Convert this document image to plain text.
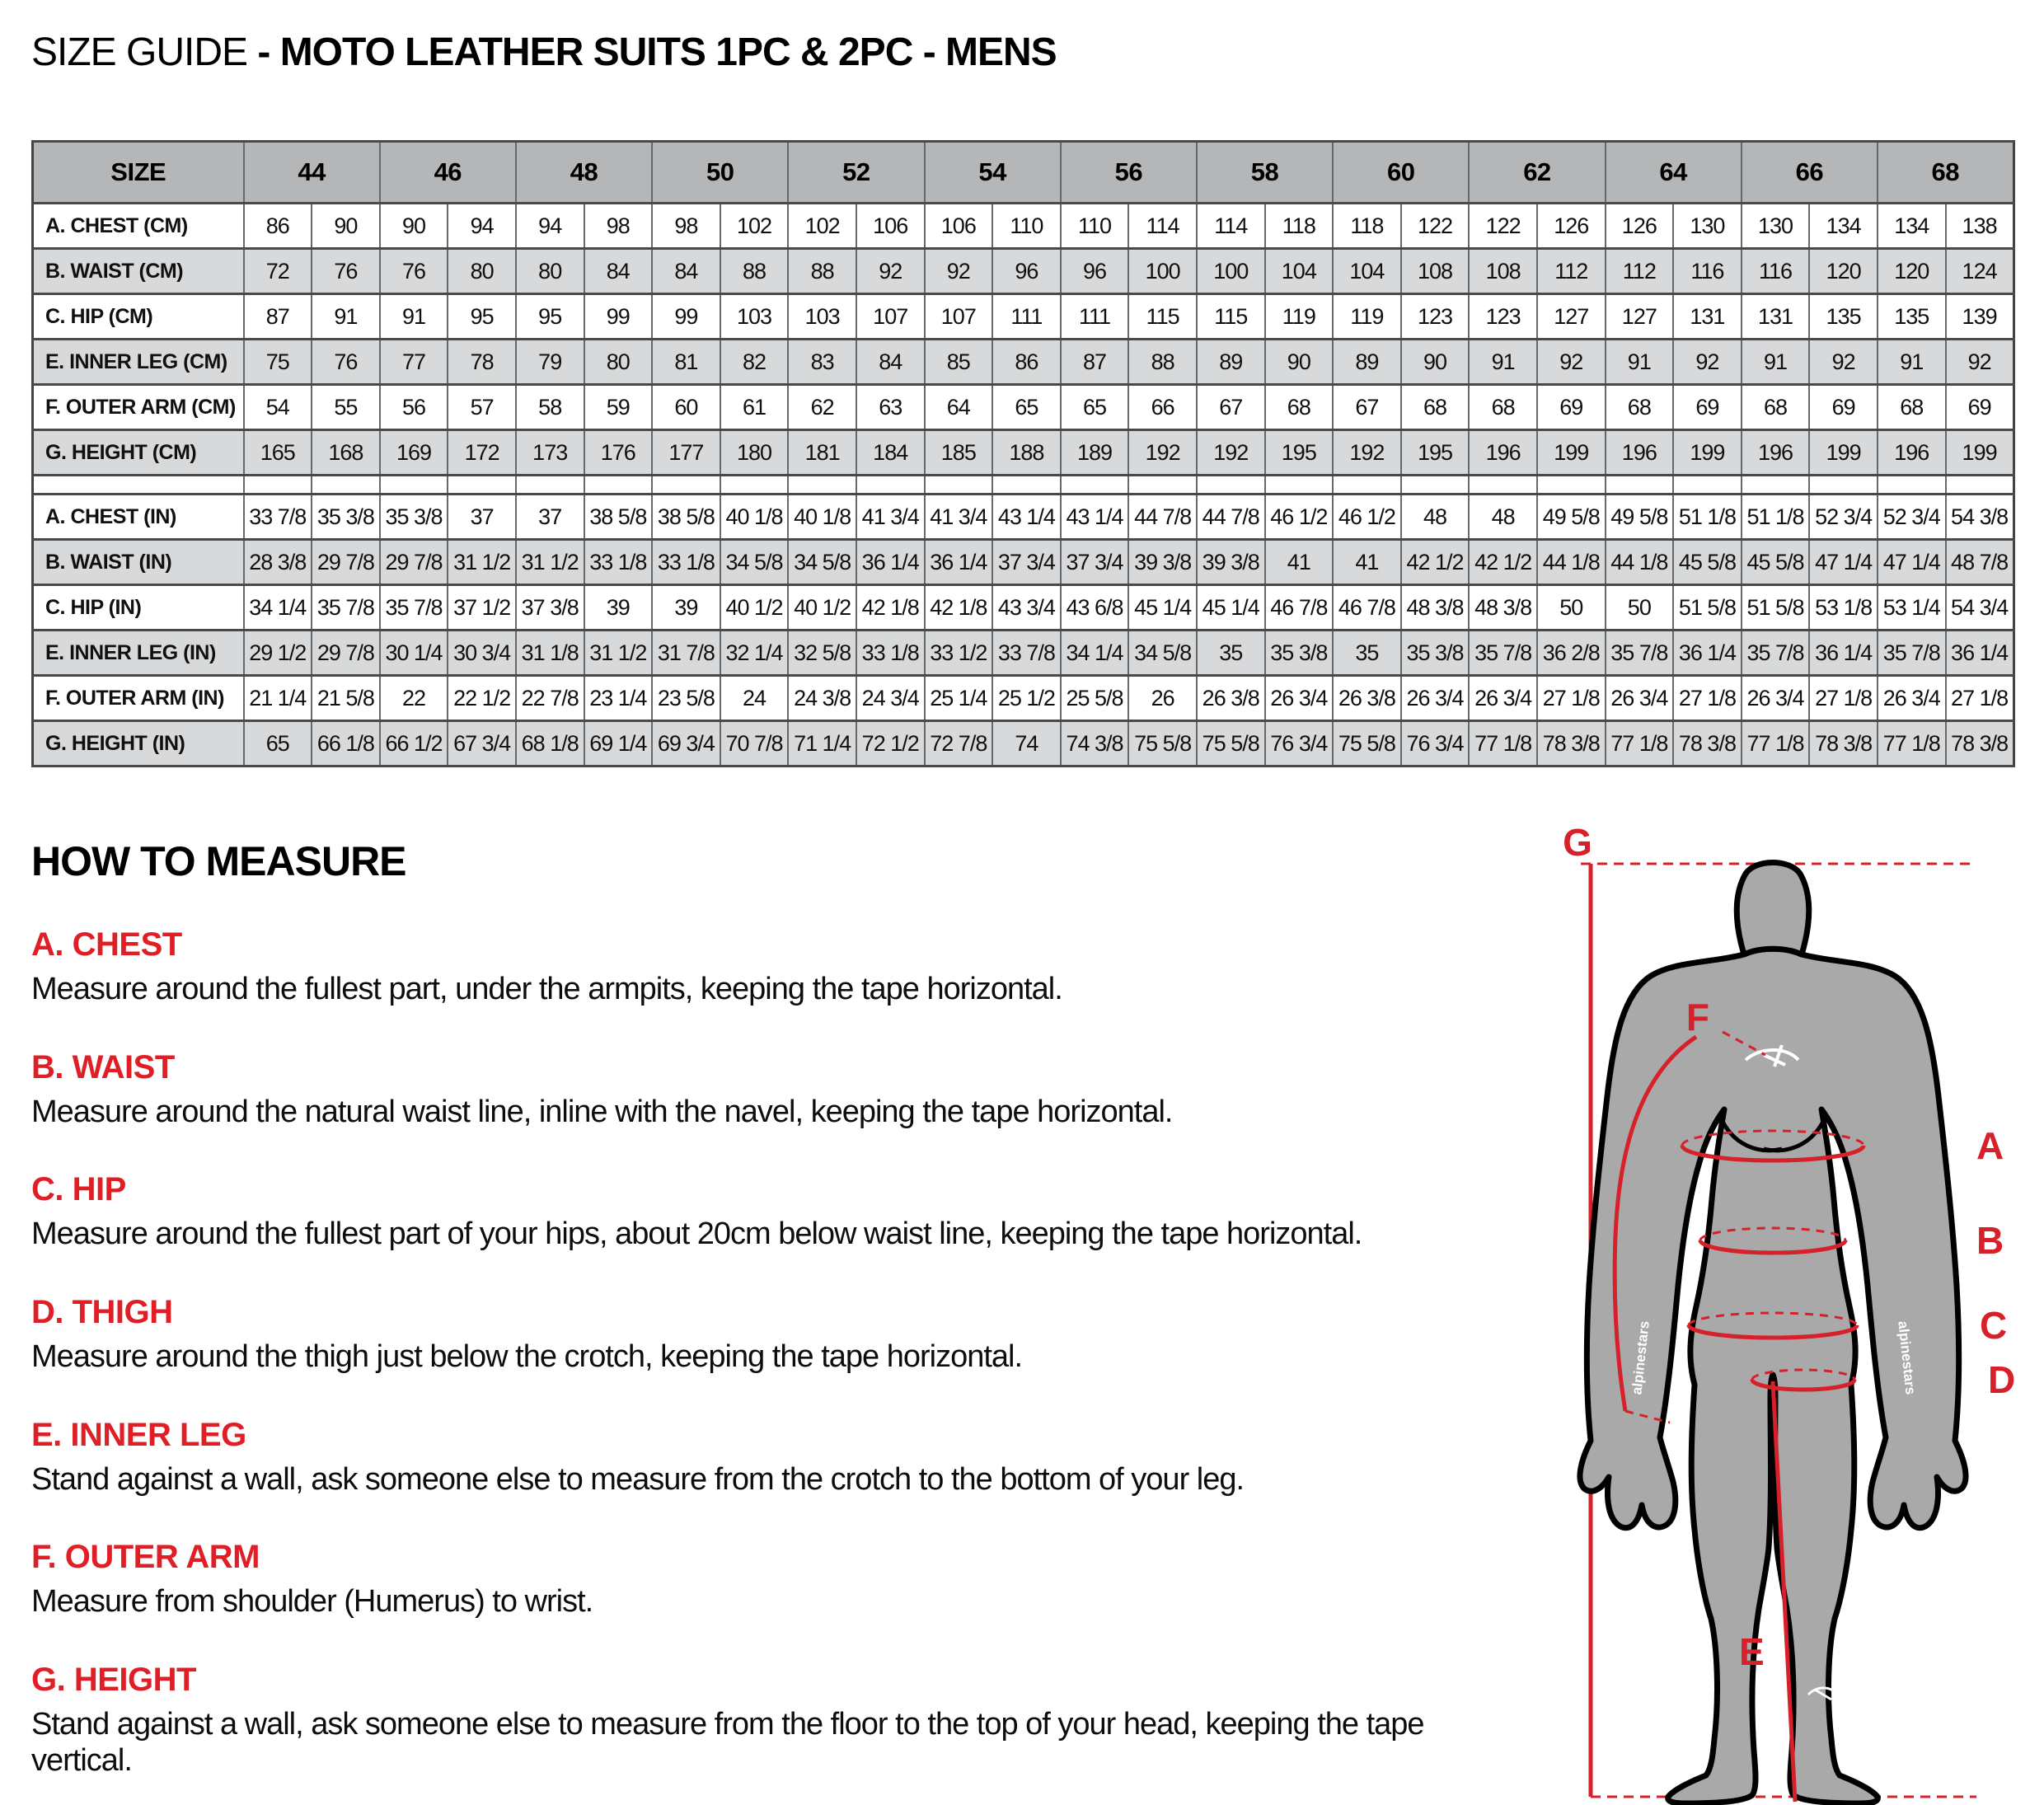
SIZE GUIDE - MOTO LEATHER SUITS 1PC & 2PC - MENS
SIZE	44		46		48		50		52		54		56		58		60		62		64		66		68	
A. CHEST (CM)	86	90	90	94	94	98	98	102	102	106	106	110	110	114	114	118	118	122	122	126	126	130	130	134	134	138
B. WAIST (CM)	72	76	76	80	80	84	84	88	88	92	92	96	96	100	100	104	104	108	108	112	112	116	116	120	120	124
C. HIP (CM)	87	91	91	95	95	99	99	103	103	107	107	111	111	115	115	119	119	123	123	127	127	131	131	135	135	139
E. INNER LEG (CM)	75	76	77	78	79	80	81	82	83	84	85	86	87	88	89	90	89	90	91	92	91	92	91	92	91	92
F. OUTER ARM (CM)	54	55	56	57	58	59	60	61	62	63	64	65	65	66	67	68	67	68	68	69	68	69	68	69	68	69
G. HEIGHT (CM)	165	168	169	172	173	176	177	180	181	184	185	188	189	192	192	195	192	195	196	199	196	199	196	199	196	199

A. CHEST (IN)	33 7/8	35 3/8	35 3/8	37	37	38 5/8	38 5/8	40 1/8	40 1/8	41 3/4	41 3/4	43 1/4	43 1/4	44 7/8	44 7/8	46 1/2	46 1/2	48	48	49 5/8	49 5/8	51 1/8	51 1/8	52 3/4	52 3/4	54 3/8
B. WAIST (IN)	28 3/8	29 7/8	29 7/8	31 1/2	31 1/2	33 1/8	33 1/8	34 5/8	34 5/8	36 1/4	36 1/4	37 3/4	37 3/4	39 3/8	39 3/8	41	41	42 1/2	42 1/2	44 1/8	44 1/8	45 5/8	45 5/8	47 1/4	47 1/4	48 7/8
C. HIP (IN)	34 1/4	35 7/8	35 7/8	37 1/2	37 3/8	39	39	40 1/2	40 1/2	42 1/8	42 1/8	43 3/4	43 6/8	45 1/4	45 1/4	46 7/8	46 7/8	48 3/8	48 3/8	50	50	51 5/8	51 5/8	53 1/8	53 1/4	54 3/4
E. INNER LEG (IN)	29 1/2	29 7/8	30 1/4	30 3/4	31 1/8	31 1/2	31 7/8	32 1/4	32 5/8	33 1/8	33 1/2	33 7/8	34 1/4	34 5/8	35	35 3/8	35	35 3/8	35 7/8	36 2/8	35 7/8	36 1/4	35 7/8	36 1/4	35 7/8	36 1/4
F. OUTER ARM (IN)	21 1/4	21 5/8	22	22 1/2	22 7/8	23 1/4	23 5/8	24	24 3/8	24 3/4	25 1/4	25 1/2	25 5/8	26	26 3/8	26 3/4	26 3/8	26 3/4	26 3/4	27 1/8	26 3/4	27 1/8	26 3/4	27 1/8	26 3/4	27 1/8
G. HEIGHT (IN)	65	66 1/8	66 1/2	67 3/4	68 1/8	69 1/4	69 3/4	70 7/8	71 1/4	72 1/2	72 7/8	74	74 3/8	75 5/8	75 5/8	76 3/4	75 5/8	76 3/4	77 1/8	78 3/8	77 1/8	78 3/8	77 1/8	78 3/8	77 1/8	78 3/8
HOW TO MEASURE
A. CHEST

Measure around the fullest part, under the armpits, keeping the tape horizontal.

B. WAIST

Measure around the natural waist line, inline with the navel, keeping the tape horizontal.

C. HIP

Measure around the fullest part of your hips, about 20cm below waist line, keeping the tape horizontal.

D. THIGH

Measure around the thigh just below the crotch, keeping the tape horizontal.

E. INNER LEG

Stand against a wall, ask someone else to measure from the crotch to the bottom of your leg.

F. OUTER ARM

Measure from shoulder (Humerus) to wrist.

G. HEIGHT

Stand against a wall, ask someone else to measure from the floor to the top of your head, keeping the tape vertical.

alpinestars	alpinestars
G
F
A
B
C
D
E
